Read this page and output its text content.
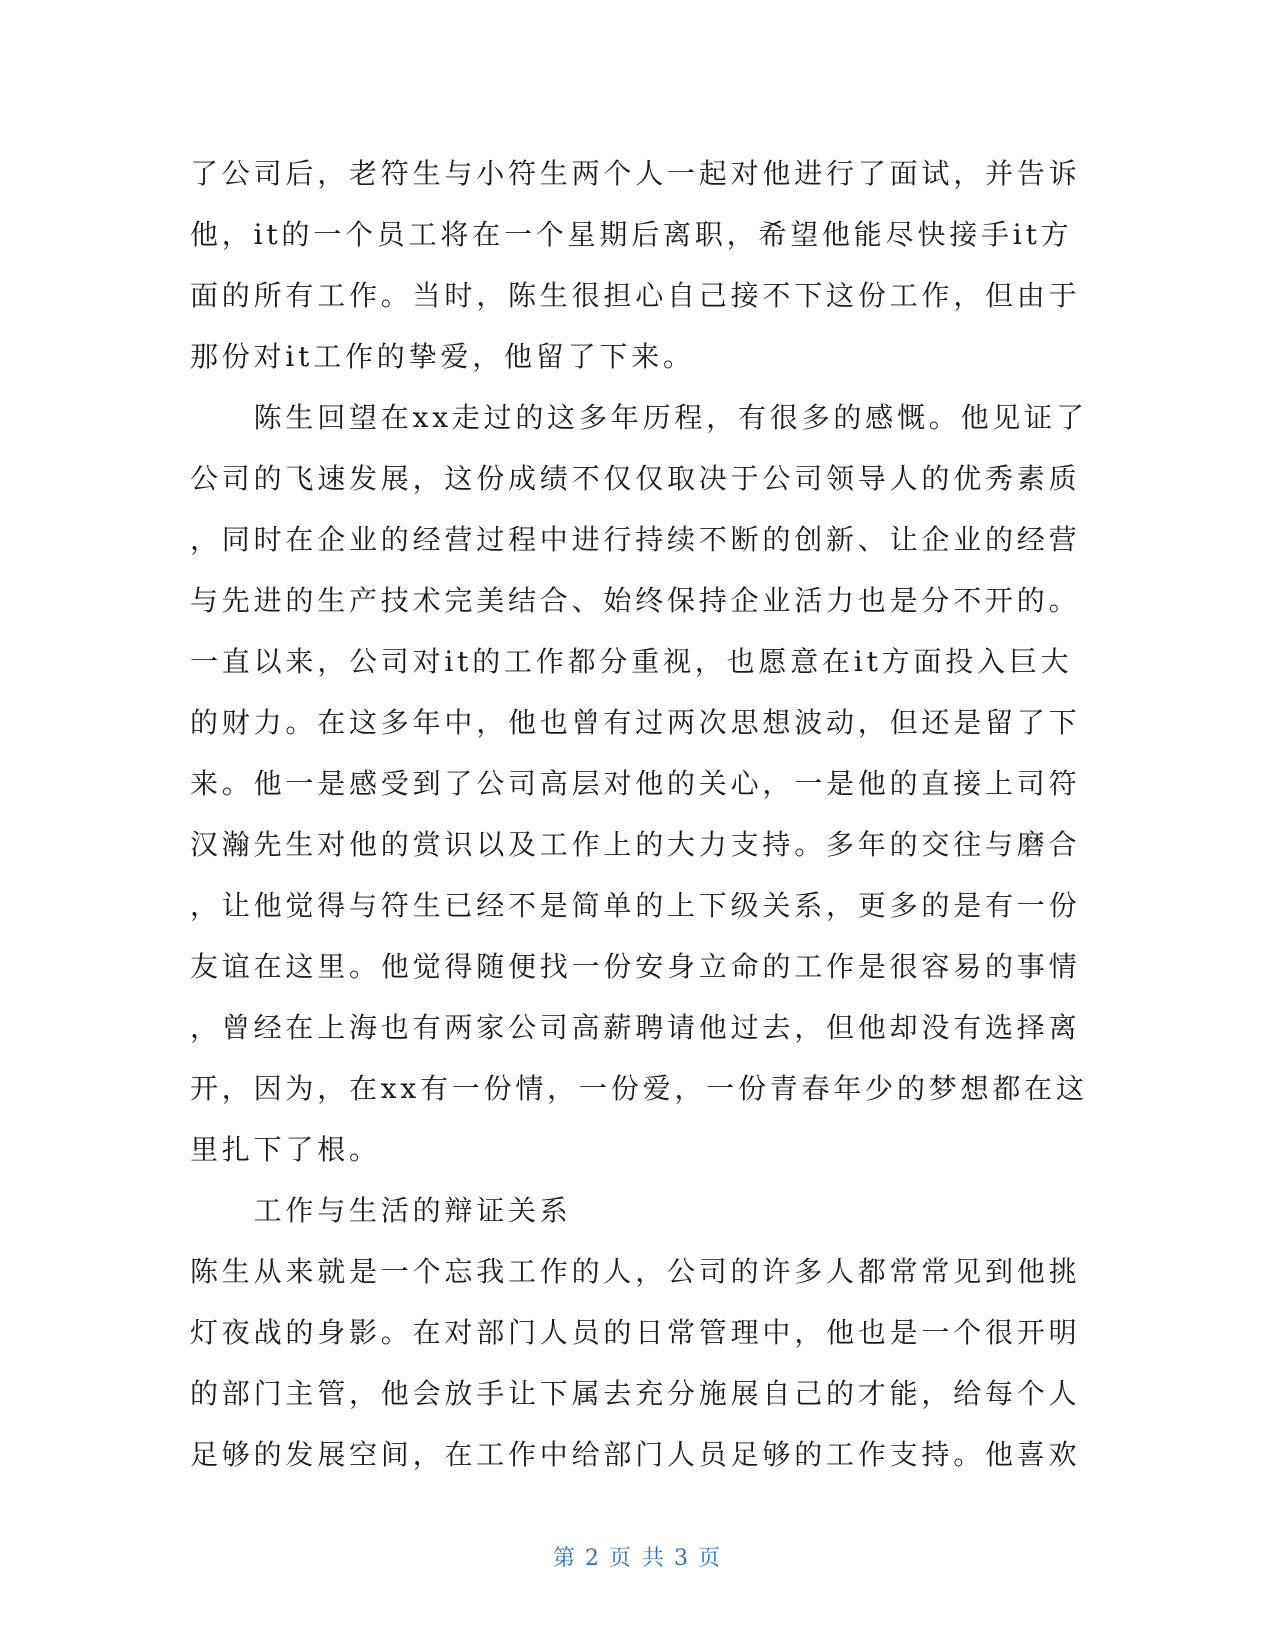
了公司后，老符生与小符生两个人一起对他进行了面试，并告诉
他，it的一个员工将在一个星期后离职，希望他能尽快接手it方
面的所有工作。当时，陈生很担心自己接不下这份工作，但由于
那份对it工作的挚爱，他留了下来。
　　陈生回望在xx走过的这多年历程，有很多的感慨。他见证了
公司的飞速发展，这份成绩不仅仅取决于公司领导人的优秀素质
，同时在企业的经营过程中进行持续不断的创新、让企业的经营
与先进的生产技术完美结合、始终保持企业活力也是分不开的。
一直以来，公司对it的工作都分重视，也愿意在it方面投入巨大
的财力。在这多年中，他也曾有过两次思想波动，但还是留了下
来。他一是感受到了公司高层对他的关心，一是他的直接上司符
汉瀚先生对他的赏识以及工作上的大力支持。多年的交往与磨合
，让他觉得与符生已经不是简单的上下级关系，更多的是有一份
友谊在这里。他觉得随便找一份安身立命的工作是很容易的事情
，曾经在上海也有两家公司高薪聘请他过去，但他却没有选择离
开，因为，在xx有一份情，一份爱，一份青春年少的梦想都在这
里扎下了根。
　　工作与生活的辩证关系
陈生从来就是一个忘我工作的人，公司的许多人都常常见到他挑
灯夜战的身影。在对部门人员的日常管理中，他也是一个很开明
的部门主管，他会放手让下属去充分施展自己的才能，给每个人
足够的发展空间，在工作中给部门人员足够的工作支持。他喜欢
第 2 页 共 3 页
